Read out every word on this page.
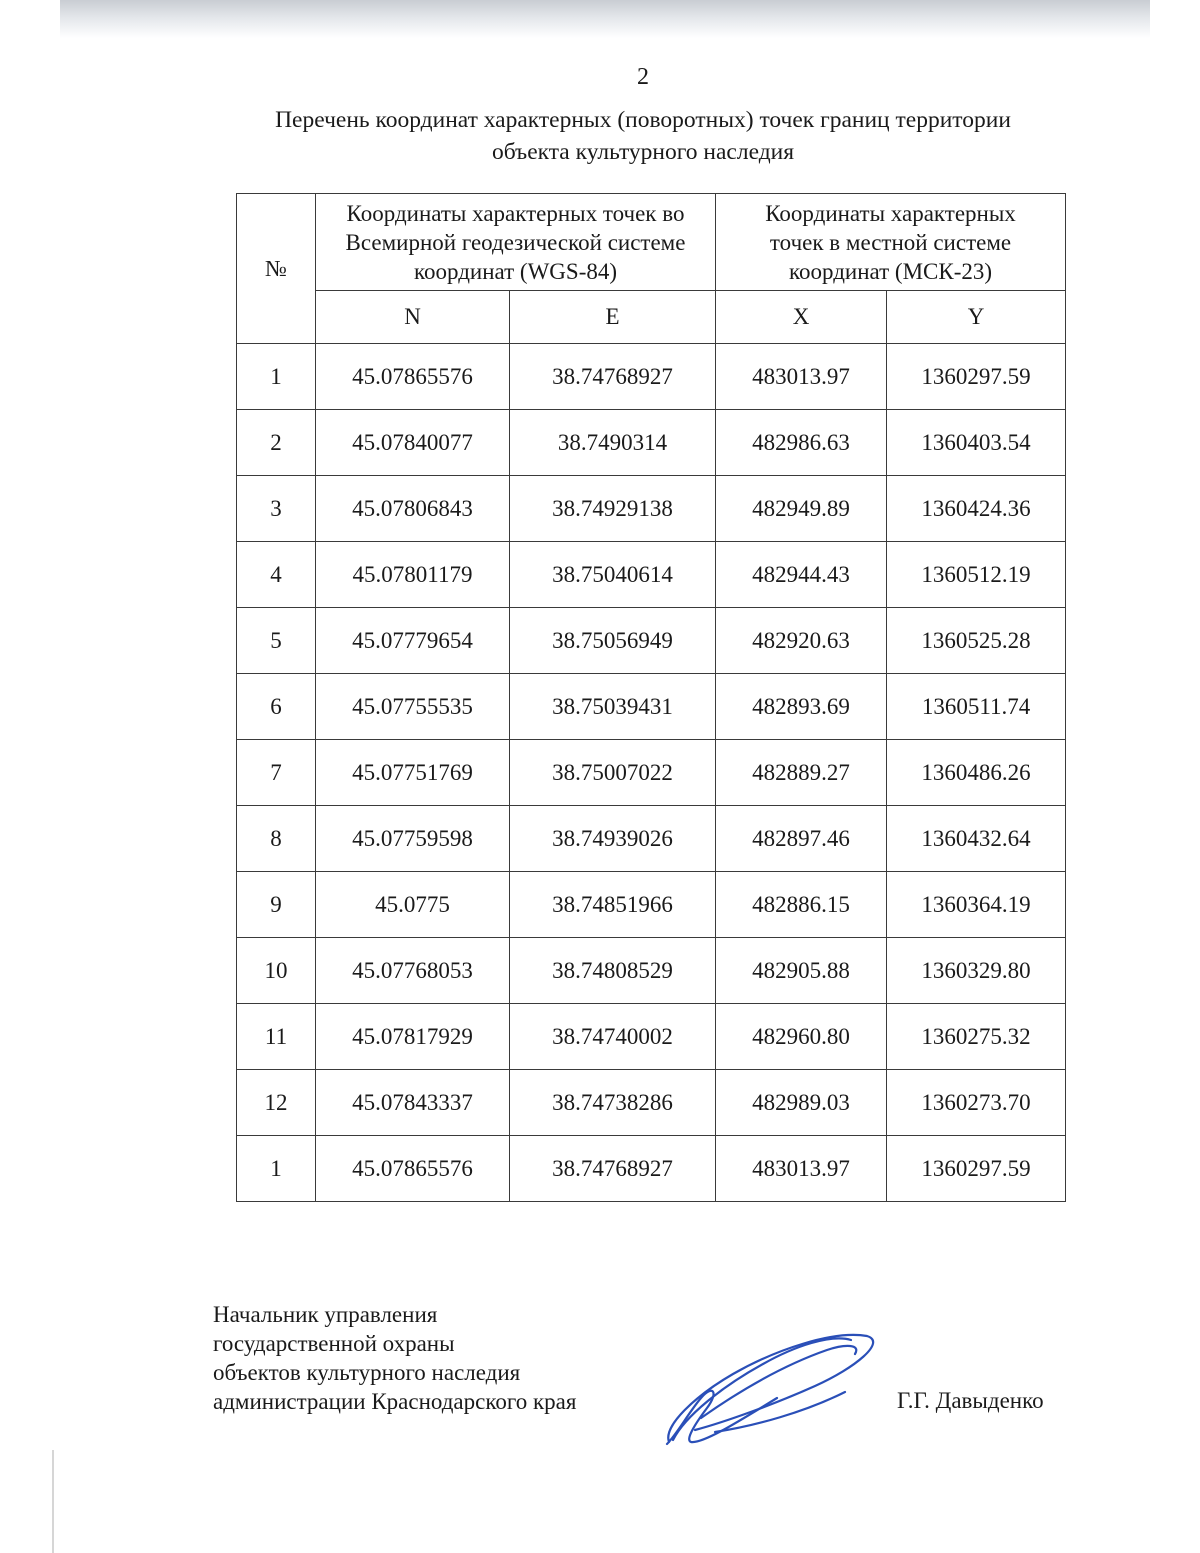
2
Перечень координат характерных (поворотных) точек границ территории
объекта культурного наследия
№	Координаты характерных точек во Всемирной геодезической системе координат (WGS-84)		Координаты характерных точек в местной системе координат (МСК-23)	

	N	E	X	Y
1	45.07865576	38.74768927	483013.97	1360297.59
2	45.07840077	38.7490314	482986.63	1360403.54
3	45.07806843	38.74929138	482949.89	1360424.36
4	45.07801179	38.75040614	482944.43	1360512.19
5	45.07779654	38.75056949	482920.63	1360525.28
6	45.07755535	38.75039431	482893.69	1360511.74
7	45.07751769	38.75007022	482889.27	1360486.26
8	45.07759598	38.74939026	482897.46	1360432.64
9	45.0775	38.74851966	482886.15	1360364.19
10	45.07768053	38.74808529	482905.88	1360329.80
11	45.07817929	38.74740002	482960.80	1360275.32
12	45.07843337	38.74738286	482989.03	1360273.70
1	45.07865576	38.74768927	483013.97	1360297.59
Начальник управления
государственной охраны
объектов культурного наследия
администрации Краснодарского края	Г.Г. Давыденко
